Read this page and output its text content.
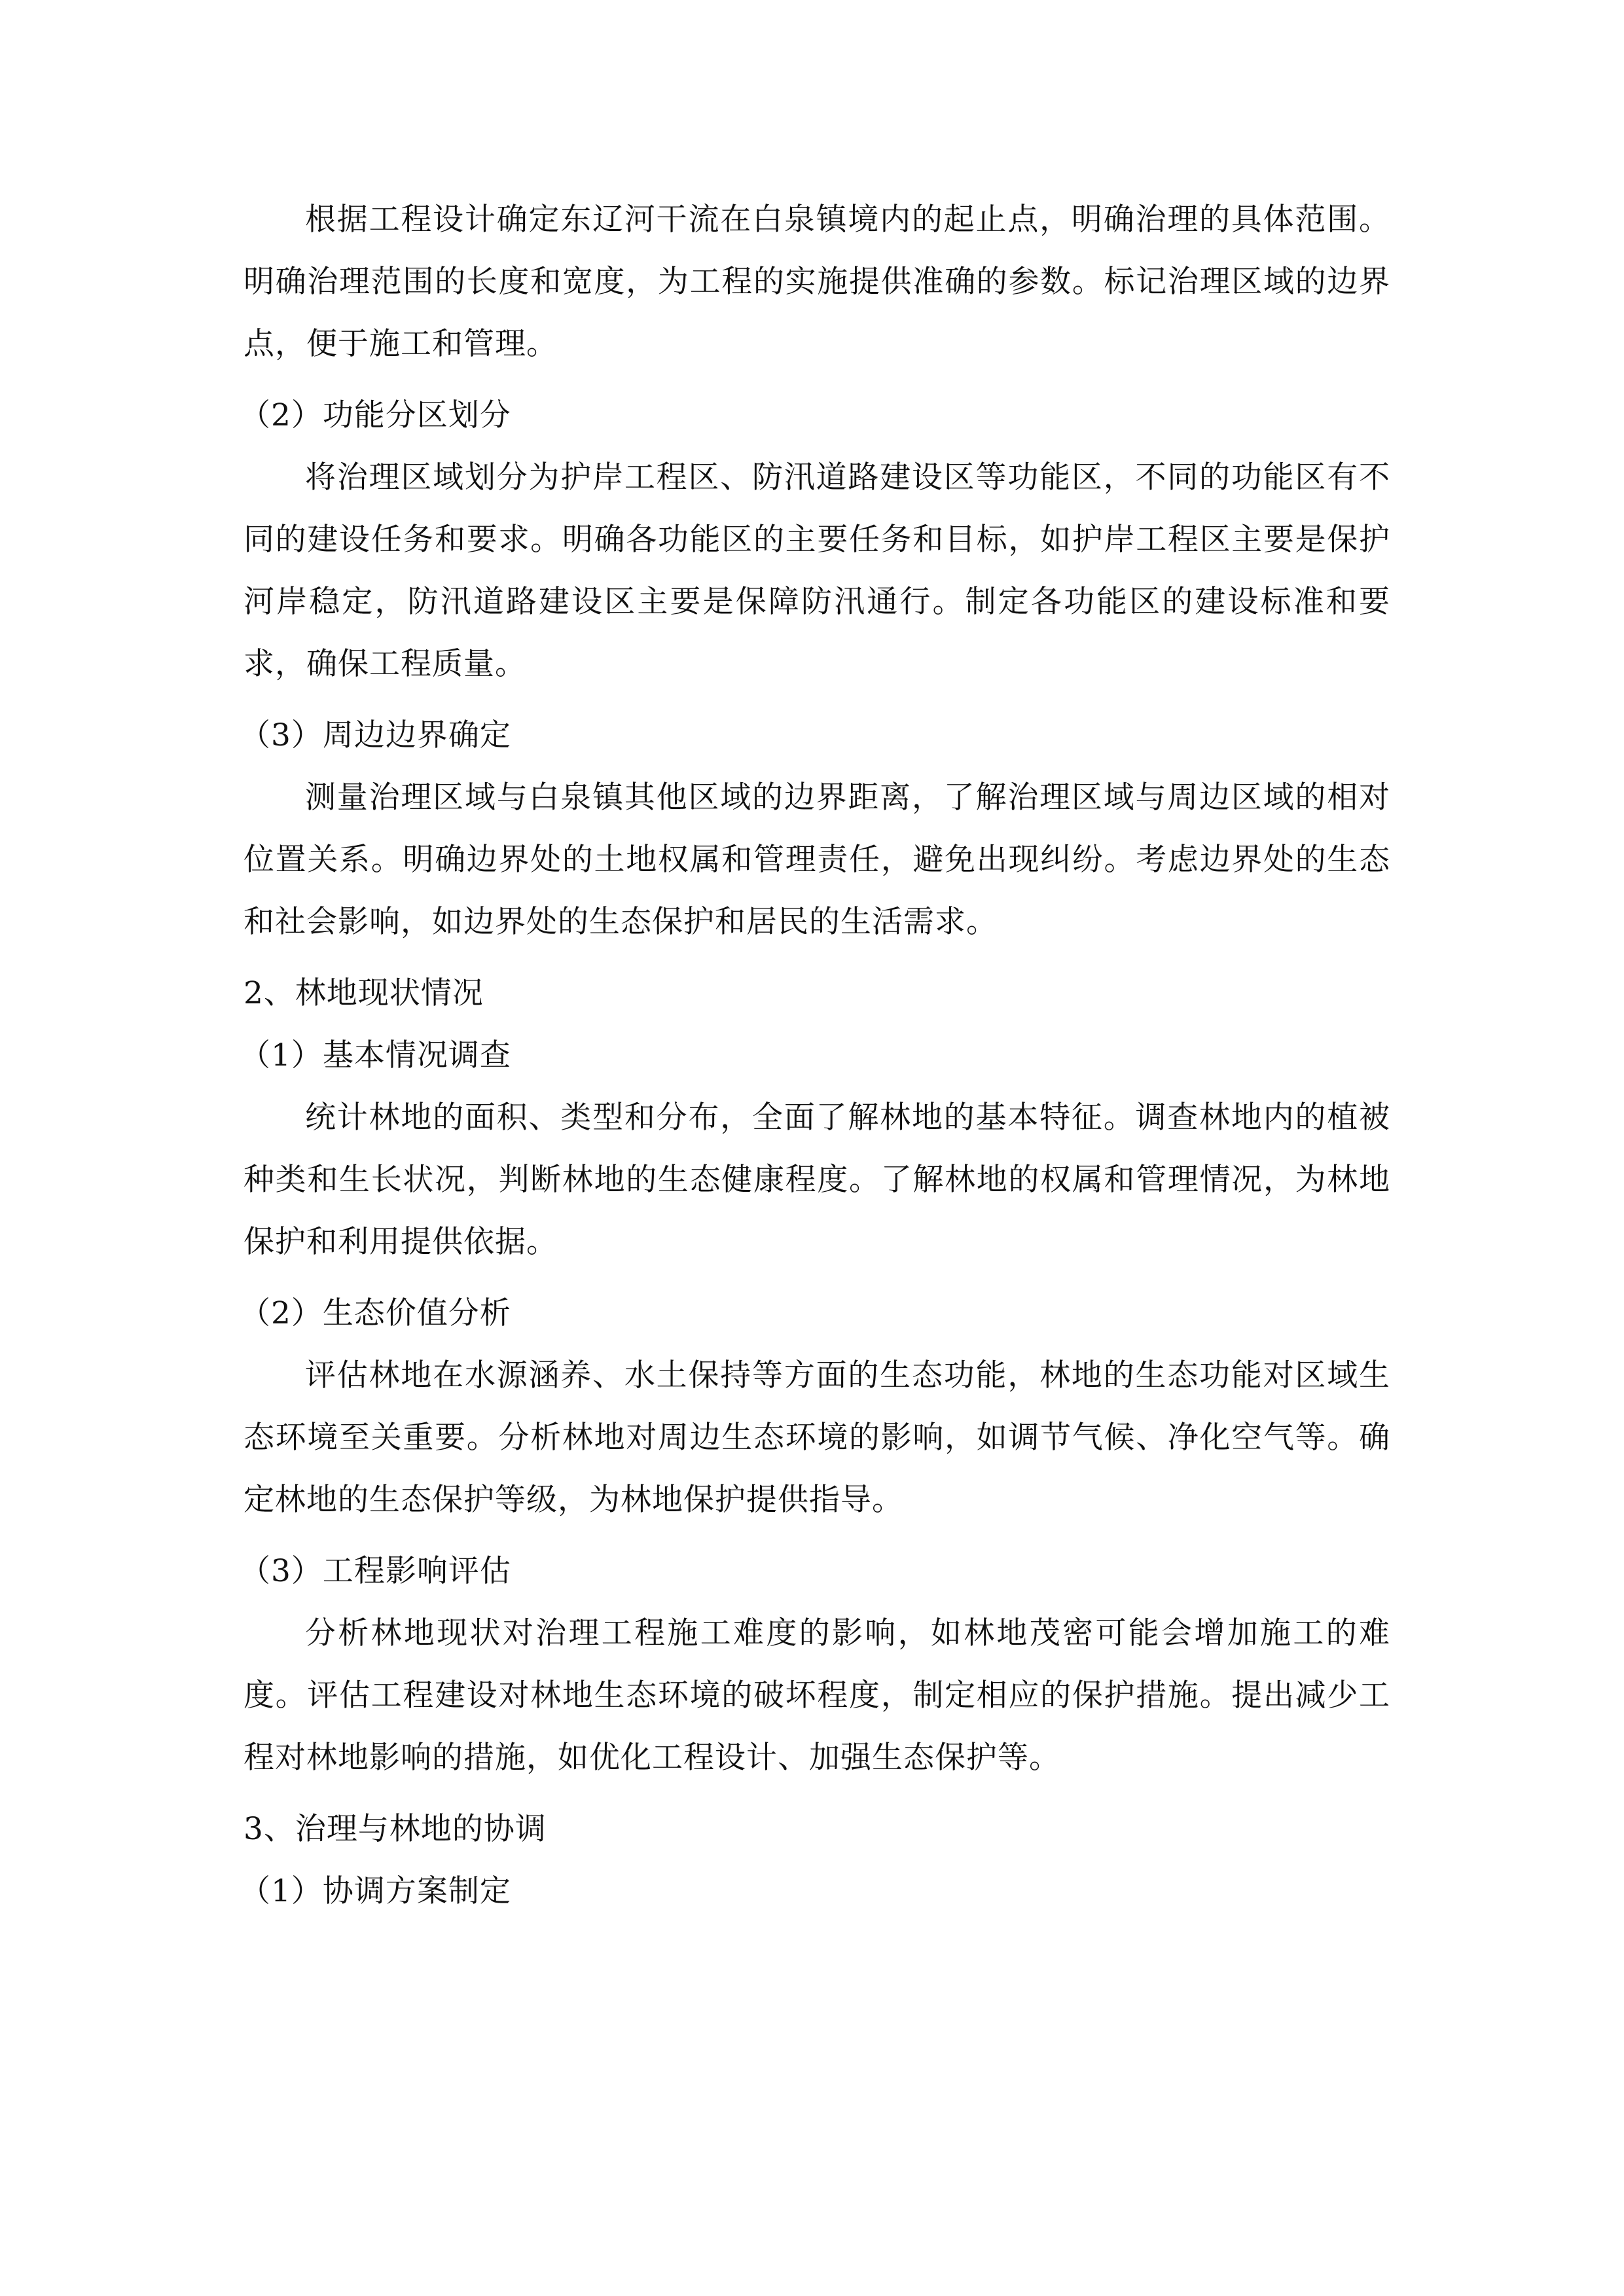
根据工程设计确定东辽河干流在白泉镇境内的起止点，明确治理的具体范围。明确治理范围的长度和宽度，为工程的实施提供准确的参数。标记治理区域的边界点，便于施工和管理。

（2）功能分区划分

将治理区域划分为护岸工程区、防汛道路建设区等功能区，不同的功能区有不同的建设任务和要求。明确各功能区的主要任务和目标，如护岸工程区主要是保护河岸稳定，防汛道路建设区主要是保障防汛通行。制定各功能区的建设标准和要求，确保工程质量。

（3）周边边界确定

测量治理区域与白泉镇其他区域的边界距离，了解治理区域与周边区域的相对位置关系。明确边界处的土地权属和管理责任，避免出现纠纷。考虑边界处的生态和社会影响，如边界处的生态保护和居民的生活需求。

2、林地现状情况

（1）基本情况调查

统计林地的面积、类型和分布，全面了解林地的基本特征。调查林地内的植被种类和生长状况，判断林地的生态健康程度。了解林地的权属和管理情况，为林地保护和利用提供依据。

（2）生态价值分析

评估林地在水源涵养、水土保持等方面的生态功能，林地的生态功能对区域生态环境至关重要。分析林地对周边生态环境的影响，如调节气候、净化空气等。确定林地的生态保护等级，为林地保护提供指导。

（3）工程影响评估

分析林地现状对治理工程施工难度的影响，如林地茂密可能会增加施工的难度。评估工程建设对林地生态环境的破坏程度，制定相应的保护措施。提出减少工程对林地影响的措施，如优化工程设计、加强生态保护等。

3、治理与林地的协调

（1）协调方案制定
